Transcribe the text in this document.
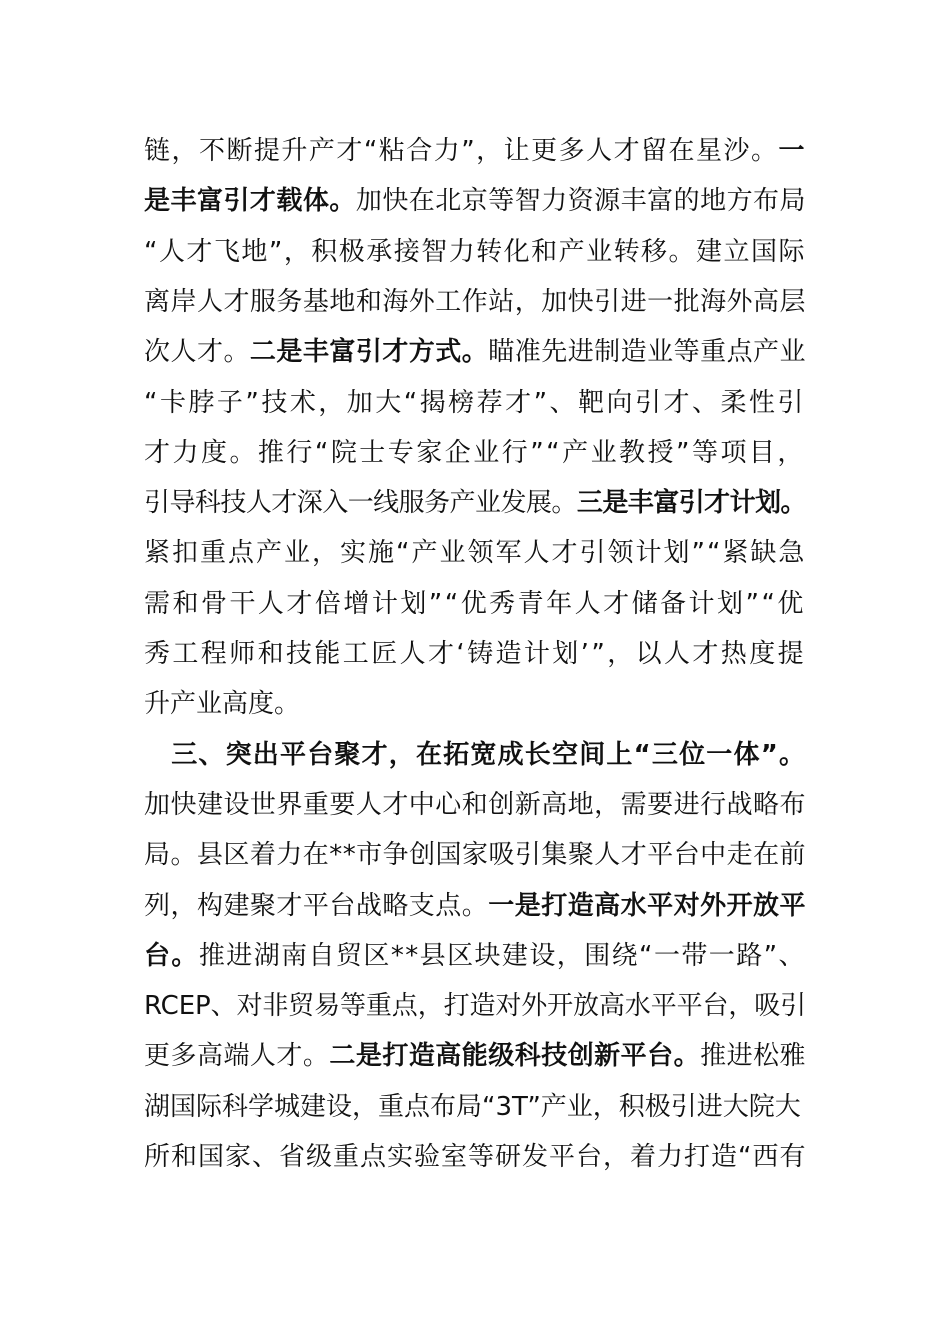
链，不断提升产才“粘合力”，让更多人才留在星沙。一
是丰富引才载体。加快在北京等智力资源丰富的地方布局
“人才飞地”，积极承接智力转化和产业转移。建立国际
离岸人才服务基地和海外工作站，加快引进一批海外高层
次人才。二是丰富引才方式。瞄准先进制造业等重点产业
“卡脖子”技术，加大“揭榜荐才”、靶向引才、柔性引
才力度。推行“院士专家企业行”“产业教授”等项目，
引导科技人才深入一线服务产业发展。三是丰富引才计划。
紧扣重点产业，实施“产业领军人才引领计划”“紧缺急
需和骨干人才倍增计划”“优秀青年人才储备计划”“优
秀工程师和技能工匠人才‘铸造计划’”，以人才热度提
升产业高度。
　三、突出平台聚才，在拓宽成长空间上“三位一体”。
加快建设世界重要人才中心和创新高地，需要进行战略布
局。县区着力在**市争创国家吸引集聚人才平台中走在前
列，构建聚才平台战略支点。一是打造高水平对外开放平
台。推进湖南自贸区**县区块建设，围绕“一带一路”、
RCEP、对非贸易等重点，打造对外开放高水平平台，吸引
更多高端人才。二是打造高能级科技创新平台。推进松雅
湖国际科学城建设，重点布局“3T”产业，积极引进大院大
所和国家、省级重点实验室等研发平台，着力打造“西有
